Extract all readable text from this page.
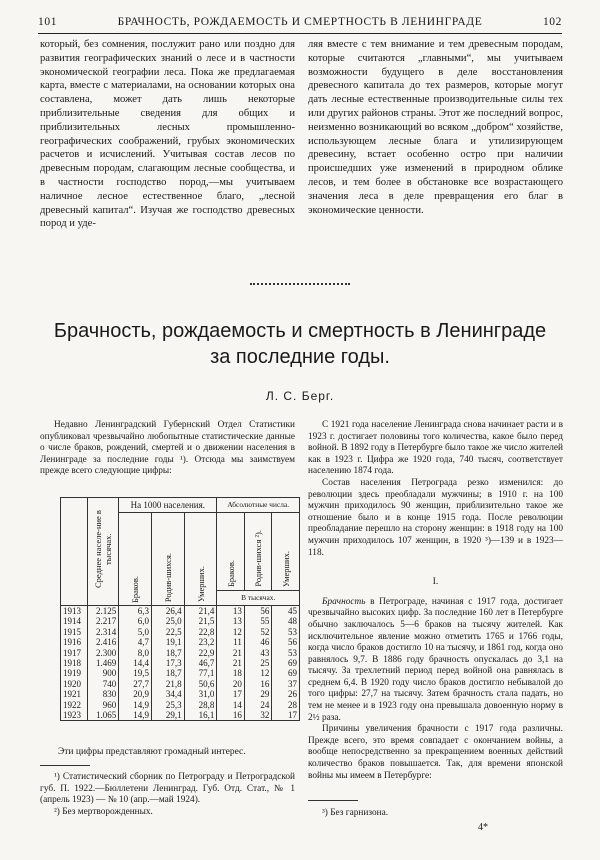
101	БРАЧНОСТЬ, РОЖДАЕМОСТЬ И СМЕРТНОСТЬ В ЛЕНИНГРАДЕ	102

который, без сомнения, послужит рано или поздно для развития географических знаний о лесе и в частности экономической географии леса. Пока же предлагаемая карта, вместе с материалами, на основании которых она составлена, может дать лишь некоторые приблизительные сведения для общих и приблизительных лесных промышленно-географических соображений, грубых экономических расчетов и исчислений. Учитывая состав лесов по древесным породам, слагающим лесные сообщества, и в частности господство пород,—мы учитываем наличное лесное естественное благо, „лесной древесный капитал“. Изучая же господство древесных пород и уде-

ляя вместе с тем внимание и тем древесным породам, которые считаются „главными“, мы учитываем возможности будущего в деле восстановления древесного капитала до тех размеров, которые могут дать лесные естественные производительные силы тех или других районов страны. Этот же последний вопрос, неизменно возникающий во всяком „добром“ хозяйстве, использующем лесные блага и утилизирующем древесину, встает особенно остро при наличии происшедших уже изменений в природном облике лесов, и тем более в обстановке все возрастающего значения леса в деле превращения его благ в экономические ценности.

Брачность, рождаемость и смертность в Ленинграде
за последние годы.
Л. С. Берг.

Недавно Ленинградский Губернский Отдел Статистики опубликовал чрезвычайно любопытные статистические данные о числе браков, рождений, смертей и о движении населения в Ленинграде за последние годы ¹). Отсюда мы заимствуем прежде всего следующие цифры:

	Среднее населе-ние в тысячах.	На 1000 населения.			Абсолютные числа.		
		Браков.	Родив-шихся.	Умерших.	Браков.	Родив-шихся ²).	Умерших.
					В тысячах.		
1913	2.125	6,3	26,4	21,4	13	56	45
1914	2.217	6,0	25,0	21,5	13	55	48
1915	2.314	5,0	22,5	22,8	12	52	53
1916	2.416	4,7	19,1	23,2	11	46	56
1917	2.300	8,0	18,7	22,9	21	43	53
1918	1.469	14,4	17,3	46,7	21	25	69
1919	900	19,5	18,7	77,1	18	12	69
1920	740	27,7	21,8	50,6	20	16	37
1921	830	20,9	34,4	31,0	17	29	26
1922	960	14,9	25,3	28,8	14	24	28
1923	1.065	14,9	29,1	16,1	16	32	17
Эти цифры представляют громадный интерес.

¹) Статистический сборник по Петрограду и Петроградской губ. П. 1922.—Бюллетени Ленинград. Губ. Отд. Стат., № 1 (апрель 1923) — № 10 (апр.—май 1924).

²) Без мертворожденных.

С 1921 года население Ленинграда снова начинает расти и в 1923 г. достигает половины того количества, какое было перед войной. В 1892 году в Петербурге было такое же число жителей как в 1923 г. Цифра же 1920 года, 740 тысяч, соответствует населению 1874 года.

Состав населения Петрограда резко изменился: до революции здесь преобладали мужчины; в 1910 г. на 100 мужчин приходилось 90 женщин, приблизительно такое же отношение было и в конце 1915 года. После революции преобладание перешло на сторону женщин: в 1918 году на 100 мужчин приходилось 107 женщин, в 1920 ³)—139 и в 1923—118.

I.

Брачность в Петрограде, начиная с 1917 года, достигает чрезвычайно высоких цифр. За последние 160 лет в Петербурге обычно заключалось 5—6 браков на тысячу жителей. Как исключительное явление можно отметить 1765 и 1766 годы, когда число браков достигло 10 на тысячу, и 1861 год, когда оно равнялось 9,7. В 1886 году брачность опускалась до 3,1 на тысячу. За трехлетний период перед войной она равнялась в среднем 6,4. В 1920 году число браков достигло небывалой до того цифры: 27,7 на тысячу. Затем брачность стала падать, но тем не менее и в 1923 году она превышала довоенную норму в 2½ раза.

Причины увеличения брачности с 1917 года различны. Прежде всего, это время совпадает с окончанием войны, а вообще непосредственно за прекращением военных действий количество браков повышается. Так, для времени японской войны мы имеем в Петербурге:

³) Без гарнизона.
4*
